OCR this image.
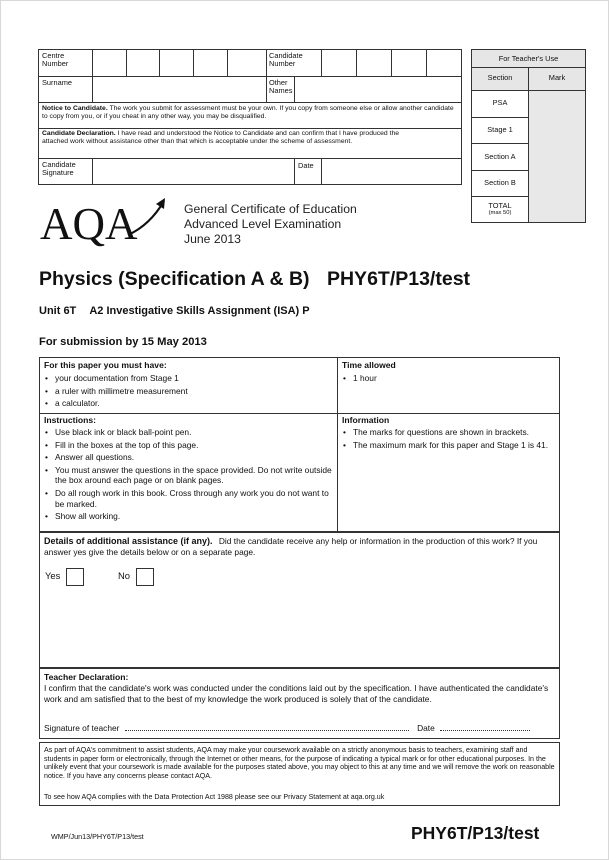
Centre Number
Candidate Number
Surname	Other Names
Notice to Candidate. The work you submit for assessment must be your own. If you copy from someone else or allow another candidate to copy from you, or if you cheat in any other way, you may be disqualified.
Candidate Declaration. I have read and understood the Notice to Candidate and can confirm that I have produced the attached work without assistance other than that which is acceptable under the scheme of assessment.
Candidate Signature
Date
For Teacher's Use
Section	Mark
PSA
Stage 1
Section A
Section B
TOTAL
(max 50)
AQA	General Certificate of Education
Advanced Level Examination
June 2013
Physics (Specification A & B) PHY6T/P13/test
Unit 6T A2 Investigative Skills Assignment (ISA) P
For submission by 15 May 2013
For this paper you must have:
• your documentation from Stage 1
• a ruler with millimetre measurement
• a calculator.
Time allowed
• 1 hour
Instructions:
• Use black ink or black ball-point pen.
• Fill in the boxes at the top of this page.
• Answer all questions.
• You must answer the questions in the space provided. Do not write outside the box around each page or on blank pages.
• Do all rough work in this book. Cross through any work you do not want to be marked.
• Show all working.
Information
• The marks for questions are shown in brackets.
• The maximum mark for this paper and Stage 1 is 41.
Details of additional assistance (if any). Did the candidate receive any help or information in the production of this work? If you answer yes give the details below or on a separate page.
Yes	No
Teacher Declaration:
I confirm that the candidate's work was conducted under the conditions laid out by the specification. I have authenticated the candidate's work and am satisfied that to the best of my knowledge the work produced is solely that of the candidate.
Signature of teacher	Date
As part of AQA's commitment to assist students, AQA may make your coursework available on a strictly anonymous basis to teachers, examining staff and students in paper form or electronically, through the Internet or other means, for the purpose of indicating a typical mark or for other educational purposes. In the unlikely event that your coursework is made available for the purposes stated above, you may object to this at any time and we will remove the work on reasonable notice. If you have any concerns please contact AQA.
To see how AQA complies with the Data Protection Act 1988 please see our Privacy Statement at aqa.org.uk
WMP/Jun13/PHY6T/P13/test	PHY6T/P13/test
